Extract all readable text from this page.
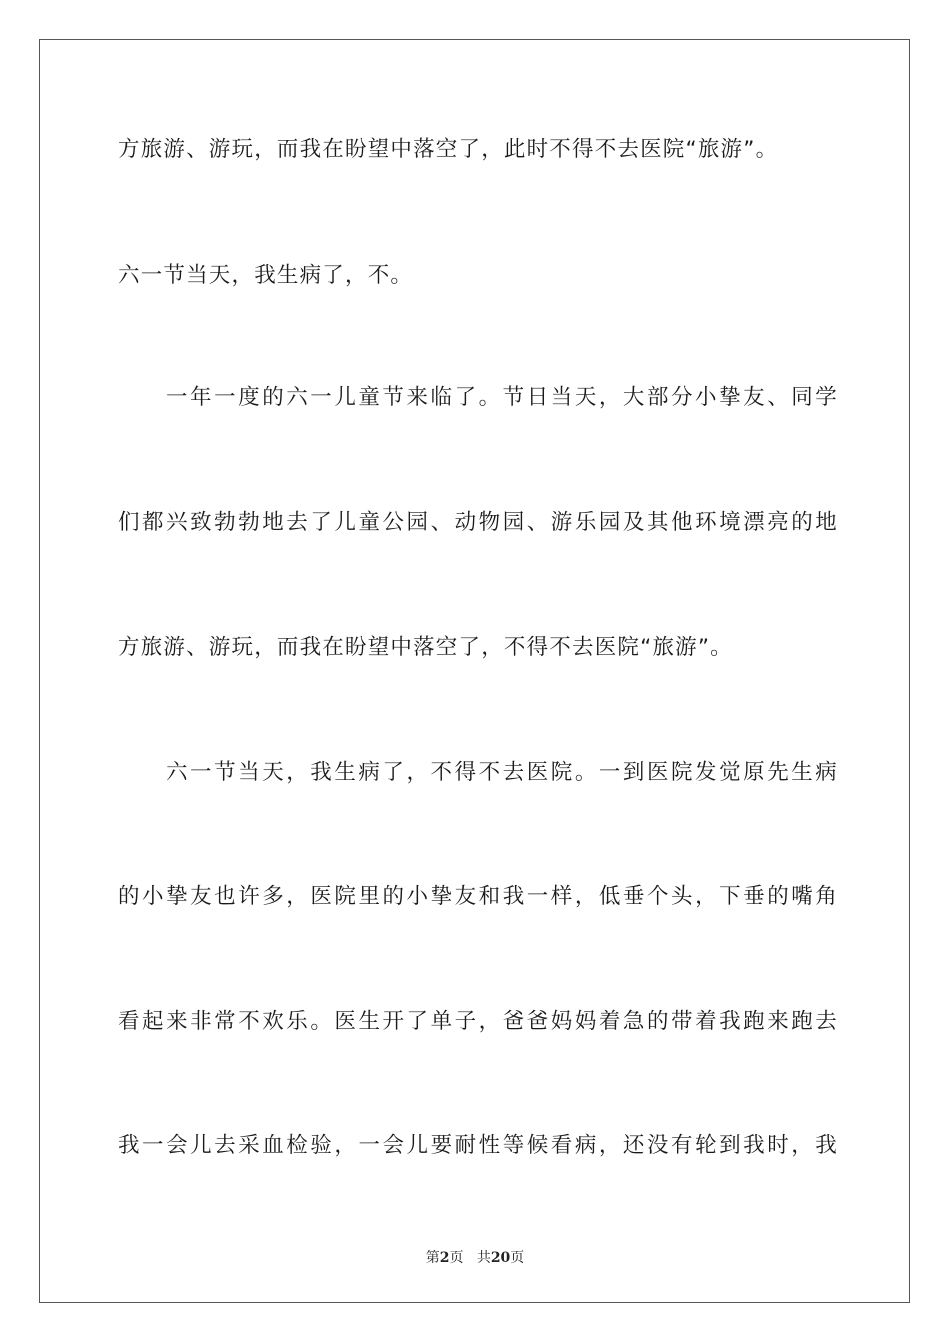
方旅游、游玩，而我在盼望中落空了，此时不得不去医院“旅游”。
六一节当天，我生病了，不。
一年一度的六一儿童节来临了。节日当天，大部分小挚友、同学
们都兴致勃勃地去了儿童公园、动物园、游乐园及其他环境漂亮的地
方旅游、游玩，而我在盼望中落空了，不得不去医院“旅游”。
六一节当天，我生病了，不得不去医院。一到医院发觉原先生病
的小挚友也许多，医院里的小挚友和我一样，低垂个头，下垂的嘴角
看起来非常不欢乐。医生开了单子，爸爸妈妈着急的带着我跑来跑去
我一会儿去采血检验，一会儿要耐性等候看病，还没有轮到我时，我
第2页 共20页
